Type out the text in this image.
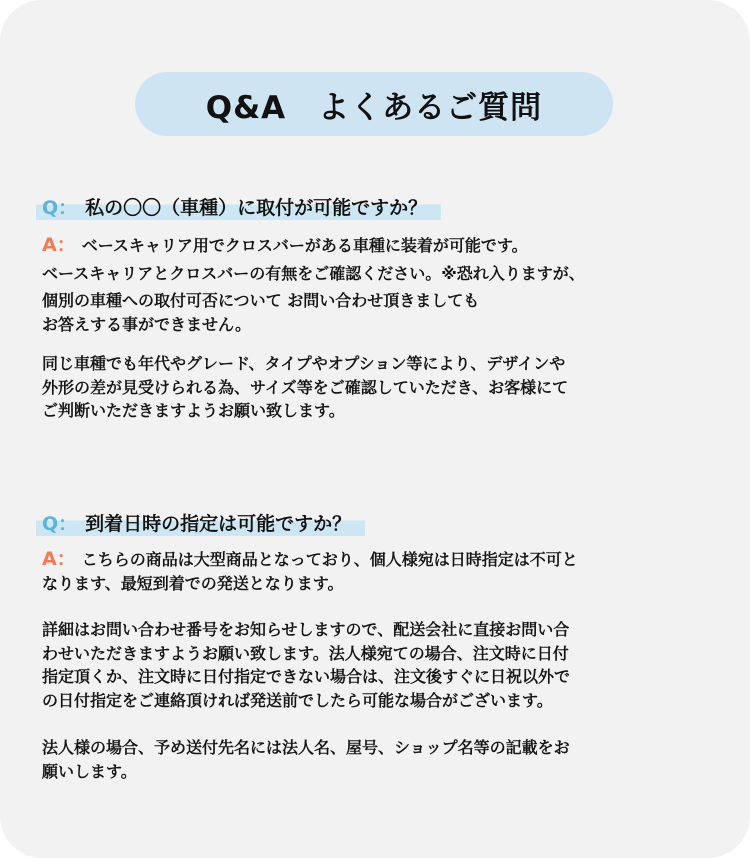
Q&A　よくあるご質問
Q： 私の〇〇（車種）に取付が可能ですか？
A： ベースキャリア用でクロスバーがある車種に装着が可能です。
ベースキャリアとクロスバーの有無をご確認ください。※恐れ入りますが、
個別の車種への取付可否について お問い合わせ頂きましても
お答えする事ができません。
同じ車種でも年代やグレード、タイプやオプション等により、デザインや
外形の差が見受けられる為、サイズ等をご確認していただき、お客様にて
ご判断いただきますようお願い致します。
Q： 到着日時の指定は可能ですか？
A： こちらの商品は大型商品となっており、個人様宛は日時指定は不可と
なります、最短到着での発送となります。
詳細はお問い合わせ番号をお知らせしますので、配送会社に直接お問い合
わせいただきますようお願い致します。法人様宛ての場合、注文時に日付
指定頂くか、注文時に日付指定できない場合は、注文後すぐに日祝以外で
の日付指定をご連絡頂ければ発送前でしたら可能な場合がございます。
法人様の場合、予め送付先名には法人名、屋号、ショップ名等の記載をお
願いします。
